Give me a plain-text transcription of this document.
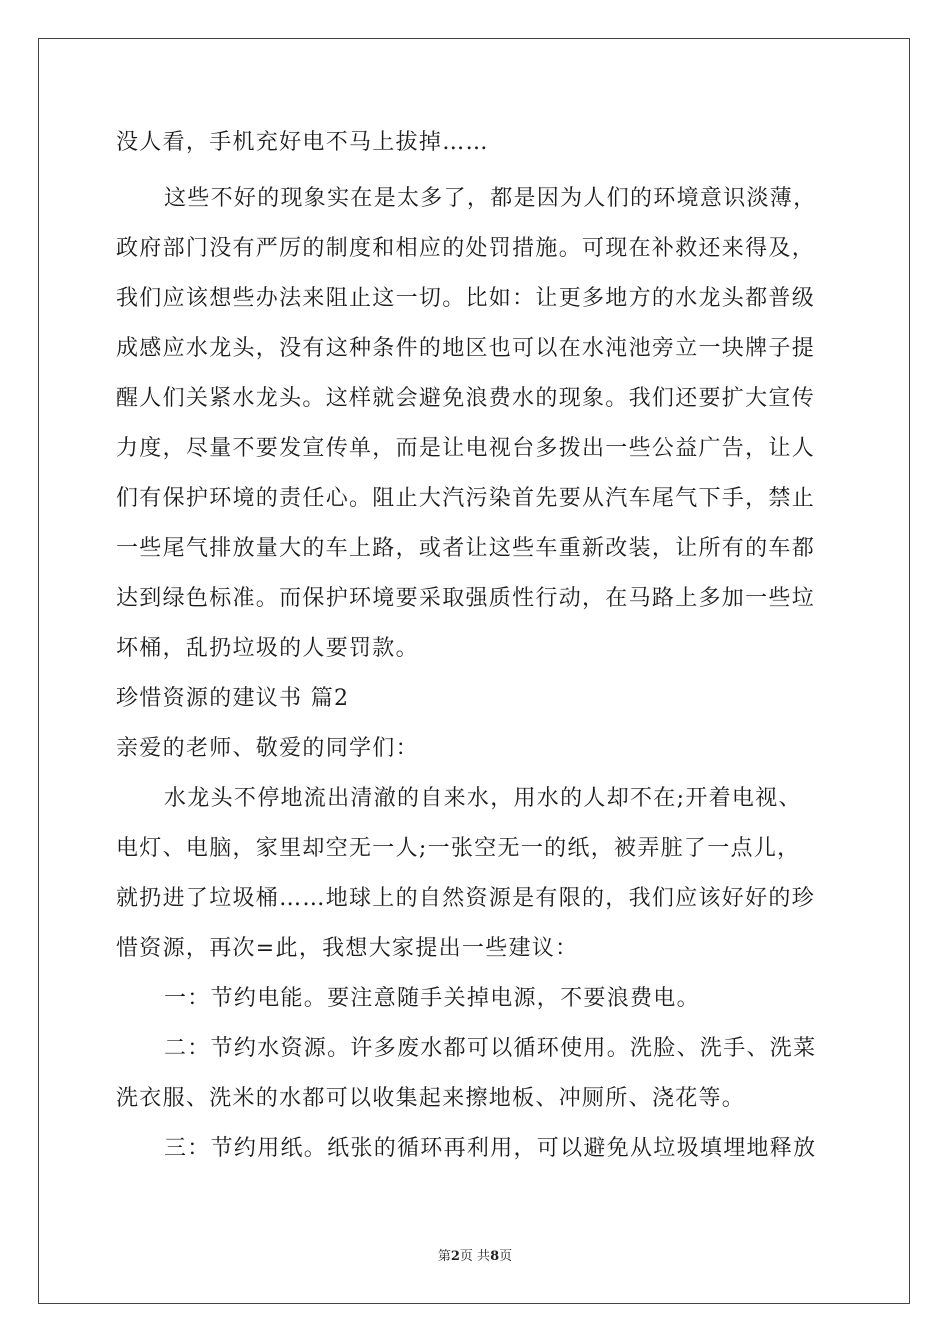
没人看，手机充好电不马上拔掉……
这些不好的现象实在是太多了，都是因为人们的环境意识淡薄，
政府部门没有严厉的制度和相应的处罚措施。可现在补救还来得及，
我们应该想些办法来阻止这一切。比如：让更多地方的水龙头都普级
成感应水龙头，没有这种条件的地区也可以在水沌池旁立一块牌子提
醒人们关紧水龙头。这样就会避免浪费水的现象。我们还要扩大宣传
力度，尽量不要发宣传单，而是让电视台多拨出一些公益广告，让人
们有保护环境的责任心。阻止大汽污染首先要从汽车尾气下手，禁止
一些尾气排放量大的车上路，或者让这些车重新改装，让所有的车都
达到绿色标准。而保护环境要采取强质性行动，在马路上多加一些垃
坏桶，乱扔垃圾的人要罚款。
珍惜资源的建议书 篇2
亲爱的老师、敬爱的同学们：
水龙头不停地流出清澈的自来水，用水的人却不在;开着电视、
电灯、电脑，家里却空无一人;一张空无一的纸，被弄脏了一点儿，
就扔进了垃圾桶……地球上的自然资源是有限的，我们应该好好的珍
惜资源，再次=此，我想大家提出一些建议：
一：节约电能。要注意随手关掉电源，不要浪费电。
二：节约水资源。许多废水都可以循环使用。洗脸、洗手、洗菜
洗衣服、洗米的水都可以收集起来擦地板、冲厕所、浇花等。
三：节约用纸。纸张的循环再利用，可以避免从垃圾填埋地释放
第2页 共8页
